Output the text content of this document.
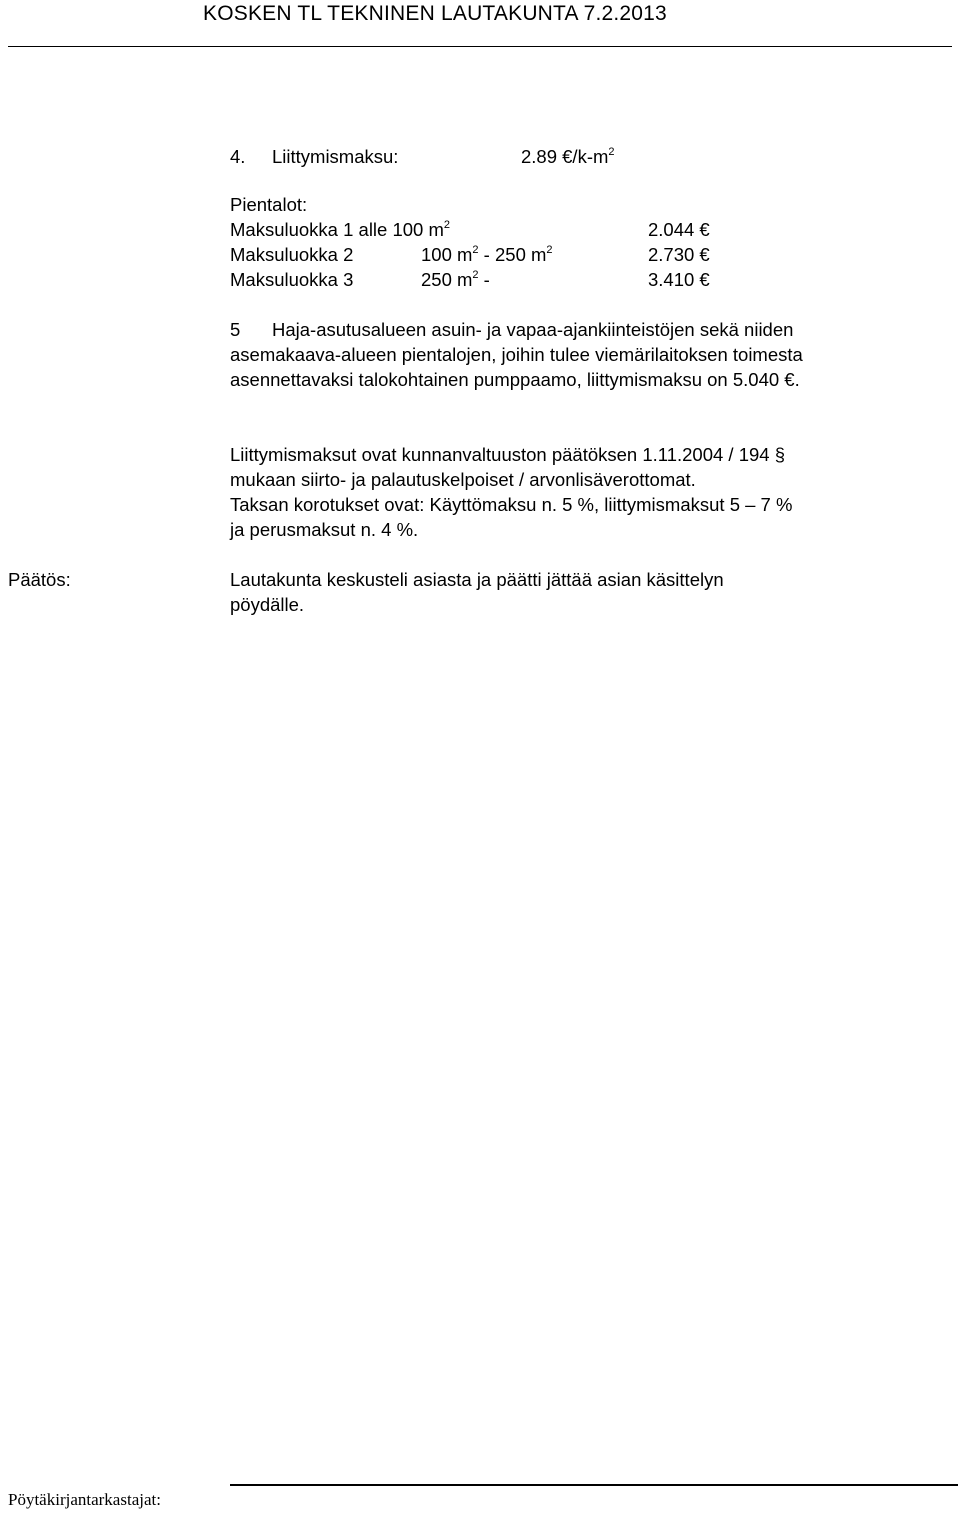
KOSKEN TL TEKNINEN LAUTAKUNTA 7.2.2013
4. Liittymismaksu:	2.89 $€/k-m^2$
Pientalot:
Maksuluokka 1 alle 100 $m^2$	2.044 €
Maksuluokka 2	100 $m^2 - 250$ $m^2$	2.730 €
Maksuluokka 3	250 $m^2$ -	3.410 €
5 Haja-asutusalueen asuin- ja vapaa-ajankiinteistöjen sekä niiden
asemakaava-alueen pientalojen, joihin tulee viemärilaitoksen toimesta
asennettavaksi talokohtainen pumppaamo, liittymismaksu on 5.040 €.
Liittymismaksut ovat kunnanvaltuuston päätöksen 1.11.2004 / 194 §
mukaan siirto- ja palautuskelpoiset / arvonlisäverottomat.
Taksan korotukset ovat: Käyttömaksu n. 5 %, liittymismaksut 5 – 7 %
ja perusmaksut n. 4 %.
Päätös:	Lautakunta keskusteli asiasta ja päätti jättää asian käsittelyn
pöydälle.
Pöytäkirjantarkastajat:
